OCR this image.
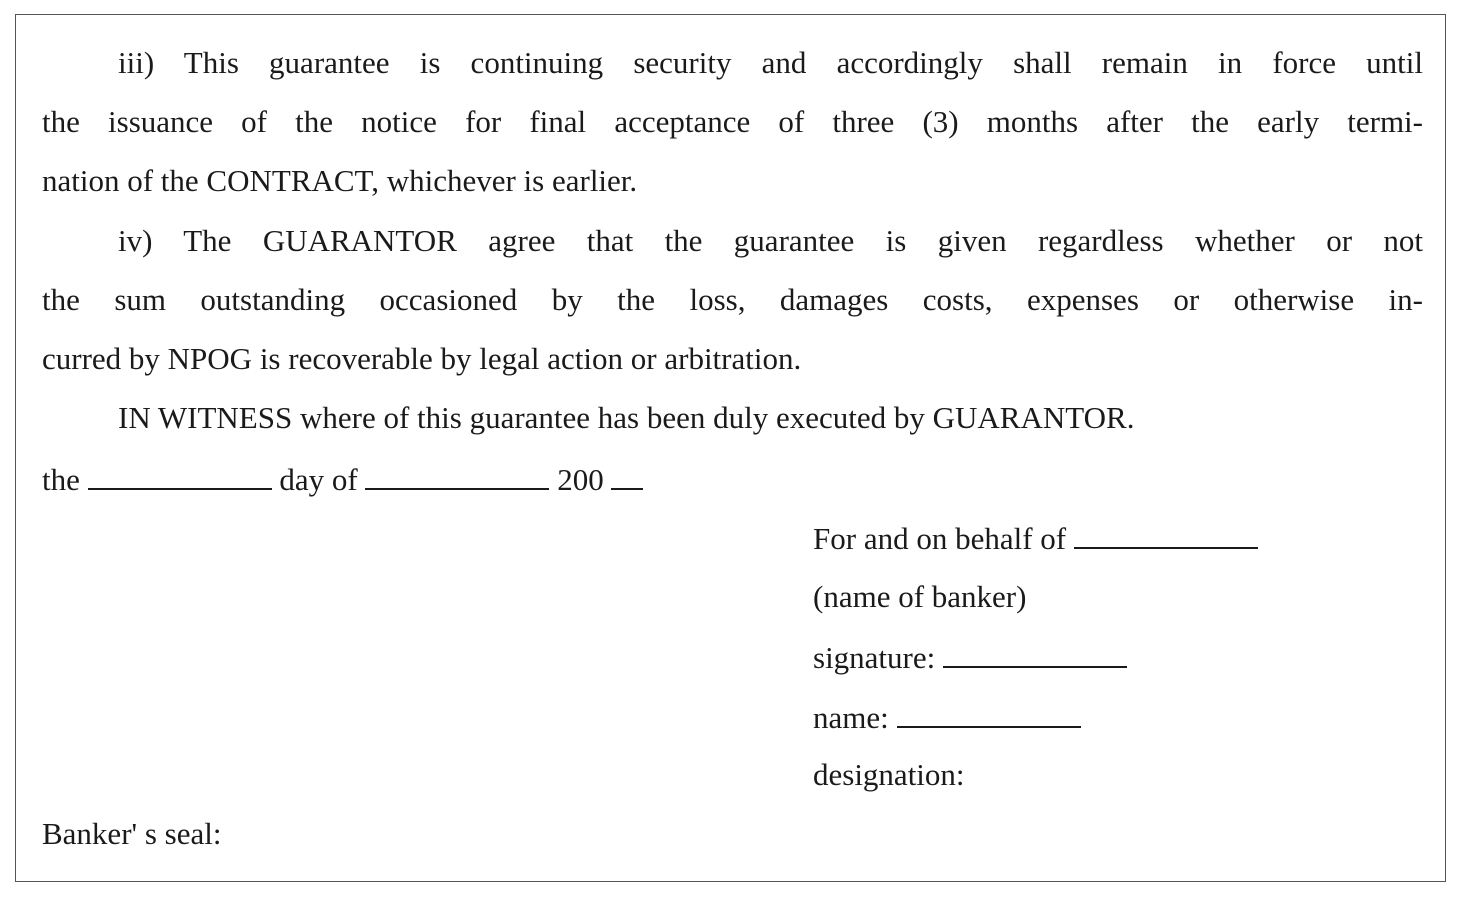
iii) This guarantee is continuing security and accordingly shall remain in force until
the issuance of the notice for final acceptance of three (3) months after the early termi-
nation of the CONTRACT, whichever is earlier.
iv) The GUARANTOR agree that the guarantee is given regardless whether or not
the sum outstanding occasioned by the loss, damages costs, expenses or otherwise in-
curred by NPOG is recoverable by legal action or arbitration.
IN WITNESS where of this guarantee has been duly executed by GUARANTOR.
the	day of	200
For and on behalf of
(name of banker)
signature:
name:
designation:
Banker' s seal:
